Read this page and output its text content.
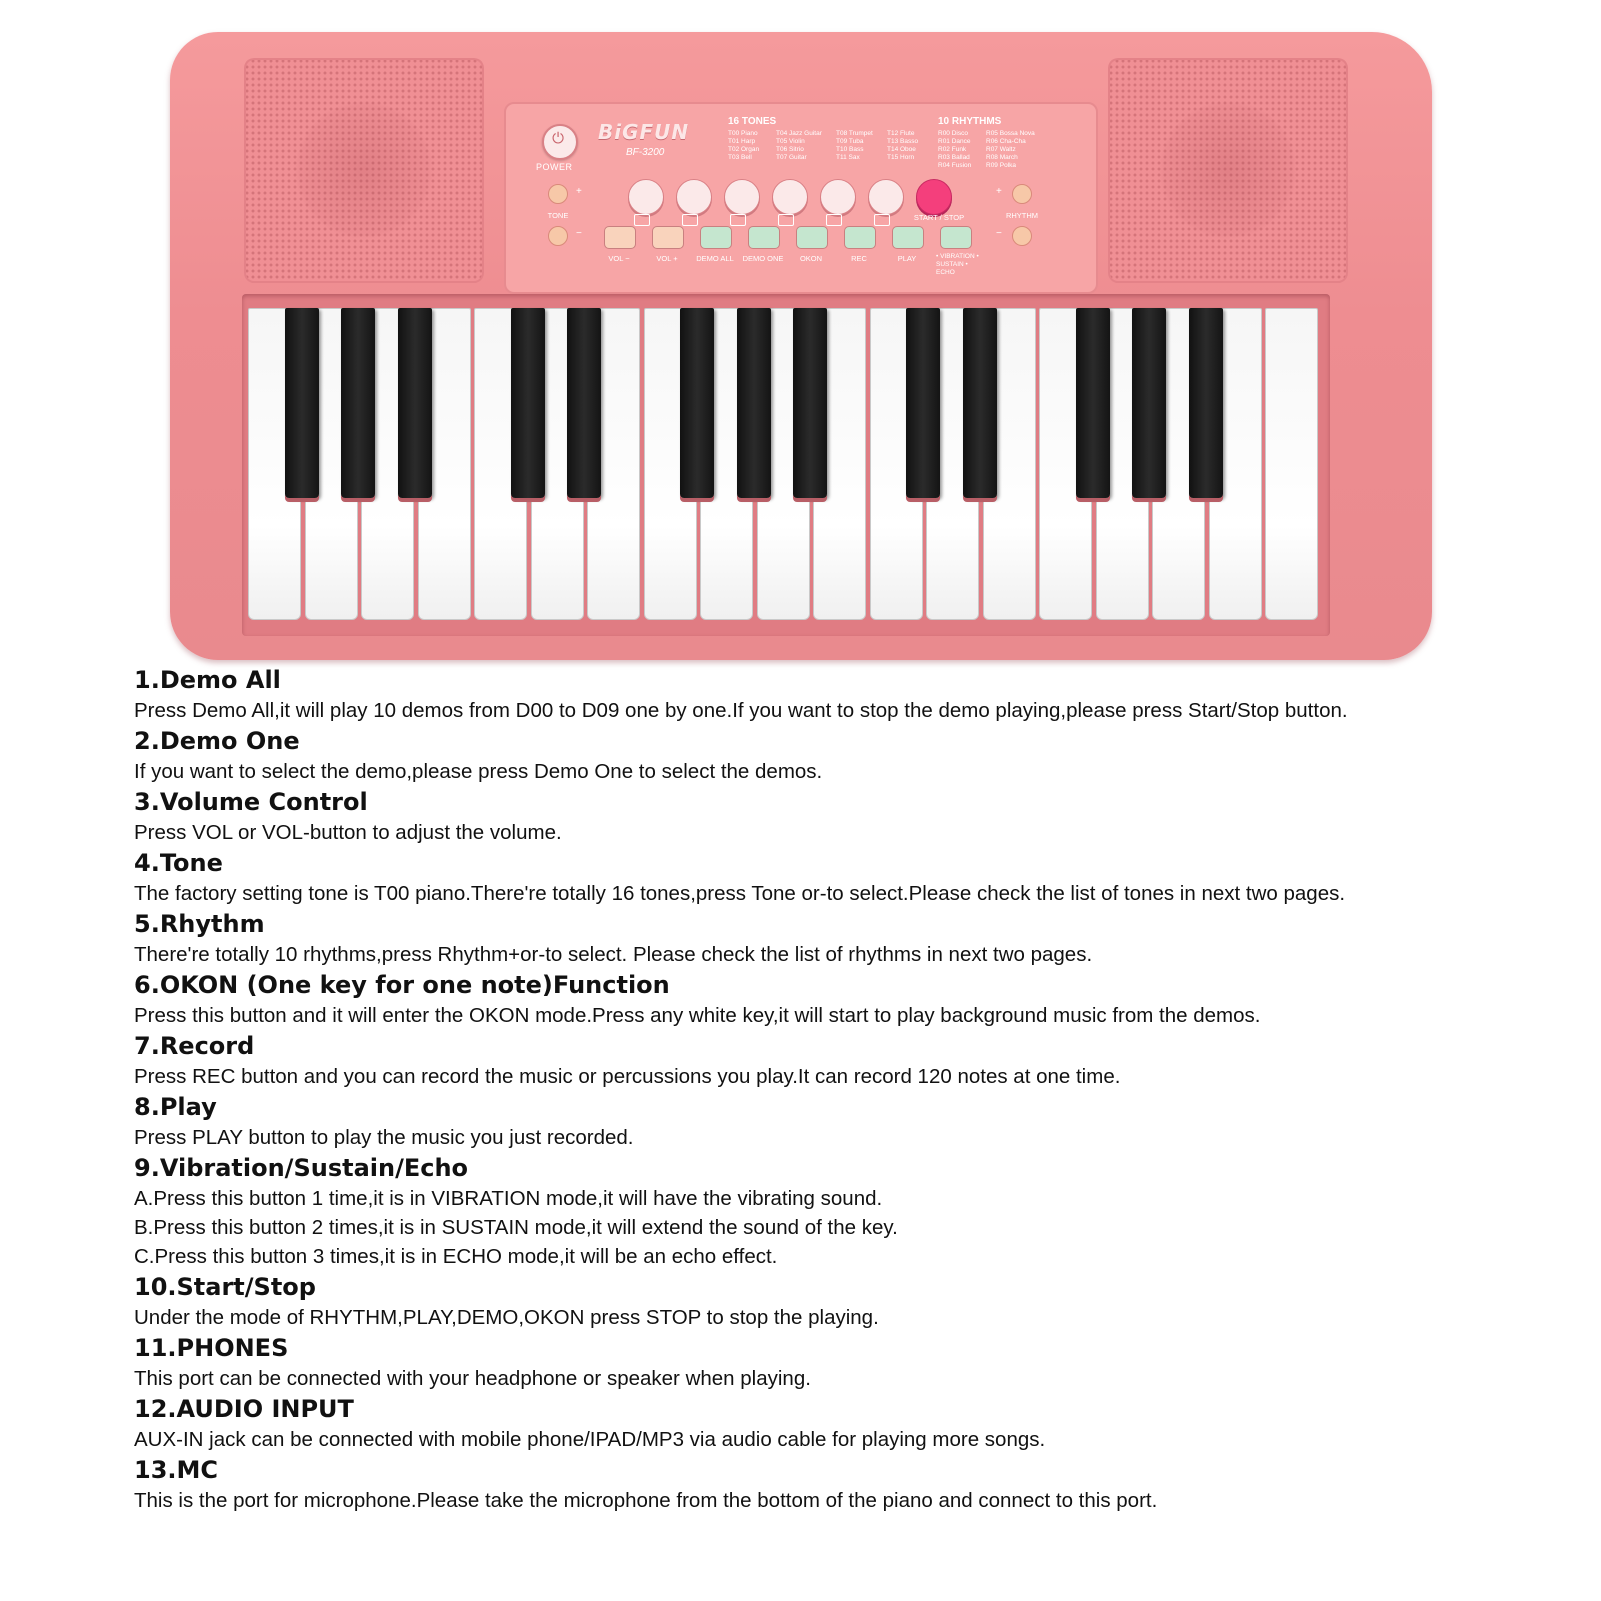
⏻
POWER
BiGFUN
BF-3200
16 TONES
T00 Piano
T01 Harp
T02 Organ
T03 Bell
T04 Jazz Guitar
T05 Violin
T06 Sitrio
T07 Guitar
T08 Trumpet
T09 Tuba
T10 Bass
T11 Sax
T12 Flute
T13 Basso
T14 Oboe
T15 Horn
10 RHYTHMS
R00 Disco
R01 Dance
R02 Funk
R03 Ballad
R04 Fusion
R05 Bossa Nova
R06 Cha-Cha
R07 Waltz
R08 March
R09 Polka
+
TONE
−
+
RHYTHM
−
START / STOP
VOL −	VOL +	DEMO ALL	DEMO ONE	OKON	REC	PLAY	• VIBRATION • SUSTAIN • ECHO
1.Demo All

Press Demo All,it will play 10 demos from D00 to D09 one by one.If you want to stop the demo playing,please press Start/Stop button.

2.Demo One

If you want to select the demo,please press Demo One to select the demos.

3.Volume Control

Press VOL or VOL-button to adjust the volume.

4.Tone

The factory setting tone is T00 piano.There're totally 16 tones,press Tone or-to select.Please check the list of tones in next two pages.

5.Rhythm

There're totally 10 rhythms,press Rhythm+or-to select. Please check the list of rhythms in next two pages.

6.OKON (One key for one note)Function

Press this button and it will enter the OKON mode.Press any white key,it will start to play background music from the demos.

7.Record

Press REC button and you can record the music or percussions you play.It can record 120 notes at one time.

8.Play

Press PLAY button to play the music you just recorded.

9.Vibration/Sustain/Echo

A.Press this button 1 time,it is in VIBRATION mode,it will have the vibrating sound.

B.Press this button 2 times,it is in SUSTAIN mode,it will extend the sound of the key.

C.Press this button 3 times,it is in ECHO mode,it will be an echo effect.

10.Start/Stop

Under the mode of RHYTHM,PLAY,DEMO,OKON press STOP to stop the playing.

11.PHONES

This port can be connected with your headphone or speaker when playing.

12.AUDIO INPUT

AUX-IN jack can be connected with mobile phone/IPAD/MP3 via audio cable for playing more songs.

13.MC

This is the port for microphone.Please take the microphone from the bottom of the piano and connect to this port.
